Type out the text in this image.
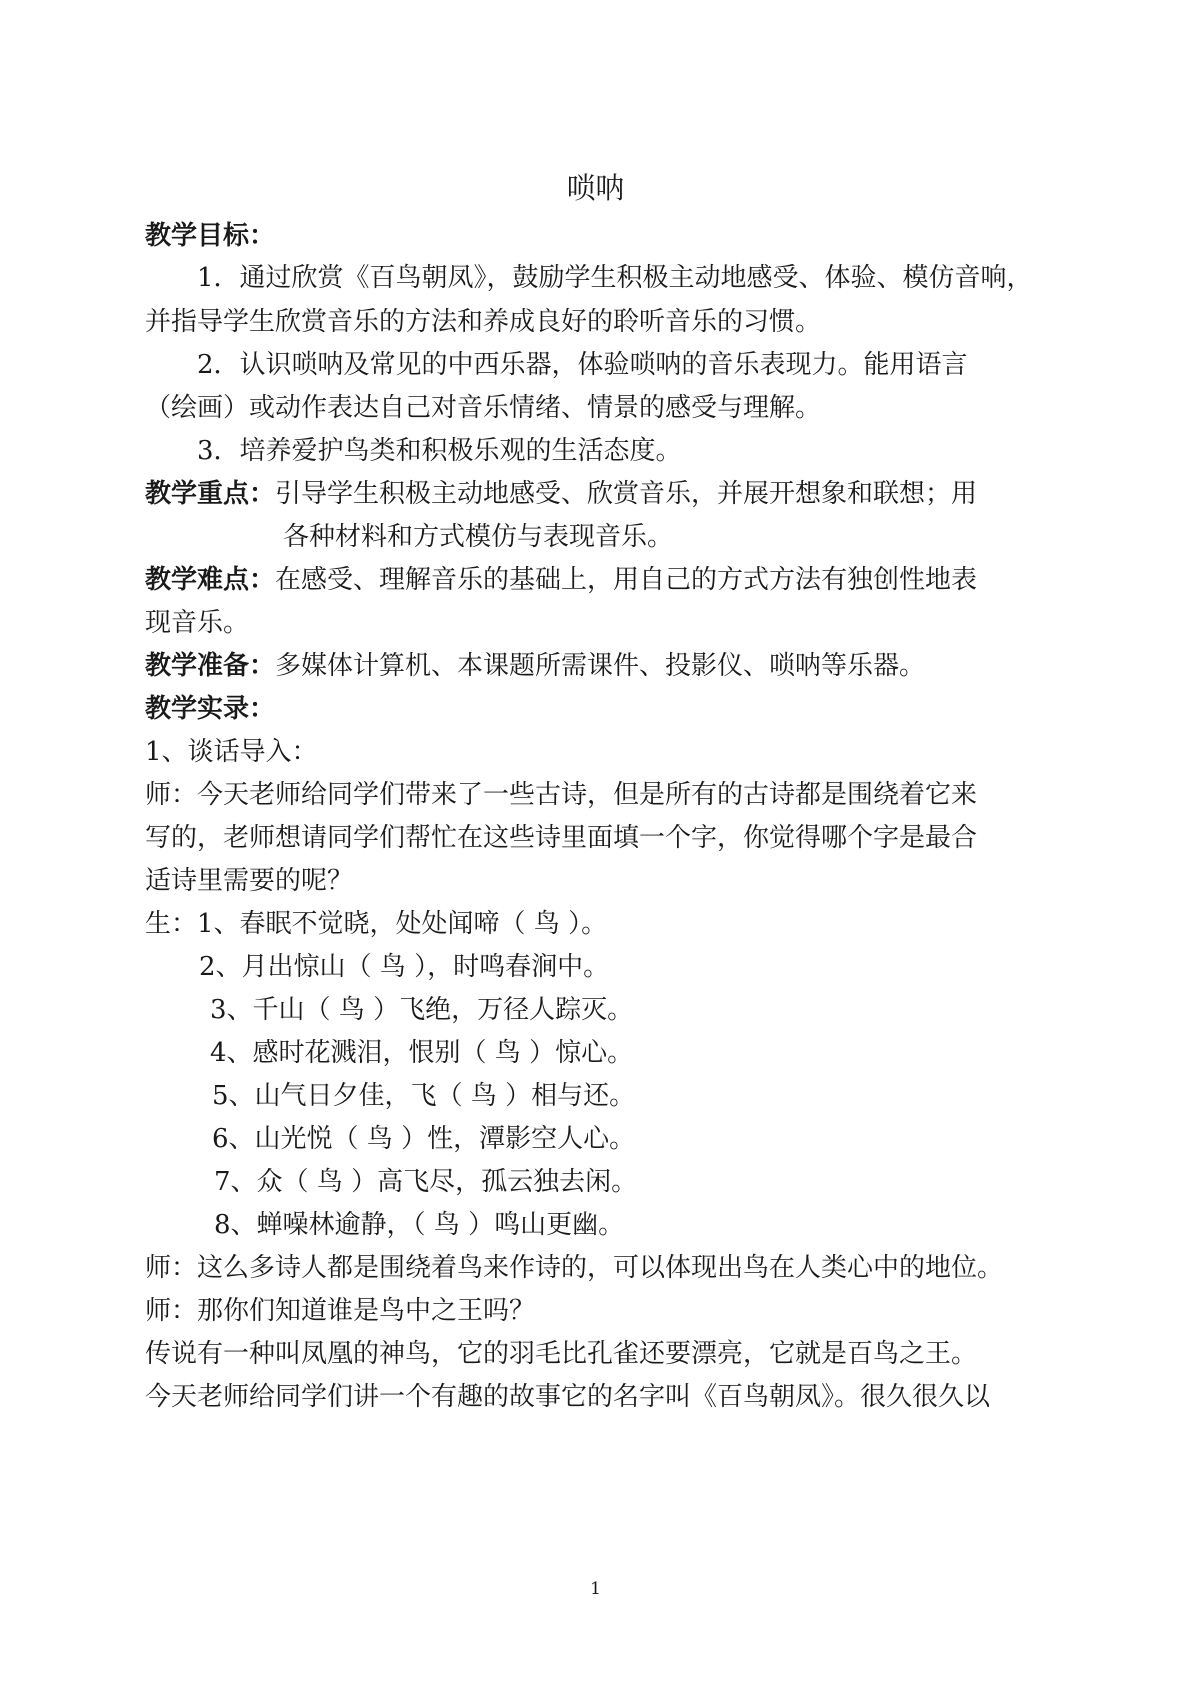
唢呐
教学目标：
1．通过欣赏《百鸟朝凤》，鼓励学生积极主动地感受、体验、模仿音响，
并指导学生欣赏音乐的方法和养成良好的聆听音乐的习惯。
2．认识唢呐及常见的中西乐器，体验唢呐的音乐表现力。能用语言
（绘画）或动作表达自己对音乐情绪、情景的感受与理解。
3．培养爱护鸟类和积极乐观的生活态度。
教学重点：引导学生积极主动地感受、欣赏音乐，并展开想象和联想；用
各种材料和方式模仿与表现音乐。
教学难点：在感受、理解音乐的基础上，用自己的方式方法有独创性地表
现音乐。
教学准备：多媒体计算机、本课题所需课件、投影仪、唢呐等乐器。
教学实录：
1、谈话导入：
师：今天老师给同学们带来了一些古诗，但是所有的古诗都是围绕着它来
写的，老师想请同学们帮忙在这些诗里面填一个字，你觉得哪个字是最合
适诗里需要的呢？
生：1、春眠不觉晓，处处闻啼（ 鸟 ）。
2、月出惊山（ 鸟 ），时鸣春涧中。
3、千山（ 鸟 ）飞绝，万径人踪灭。
4、感时花溅泪，恨别（ 鸟 ）惊心。
5、山气日夕佳，飞（ 鸟 ）相与还。
6、山光悦（ 鸟 ）性，潭影空人心。
7、众（ 鸟 ）高飞尽，孤云独去闲。
8、蝉噪林逾静，（ 鸟 ）鸣山更幽。
师：这么多诗人都是围绕着鸟来作诗的，可以体现出鸟在人类心中的地位。
师：那你们知道谁是鸟中之王吗？
传说有一种叫凤凰的神鸟，它的羽毛比孔雀还要漂亮，它就是百鸟之王。
今天老师给同学们讲一个有趣的故事它的名字叫《百鸟朝凤》。很久很久以
1
